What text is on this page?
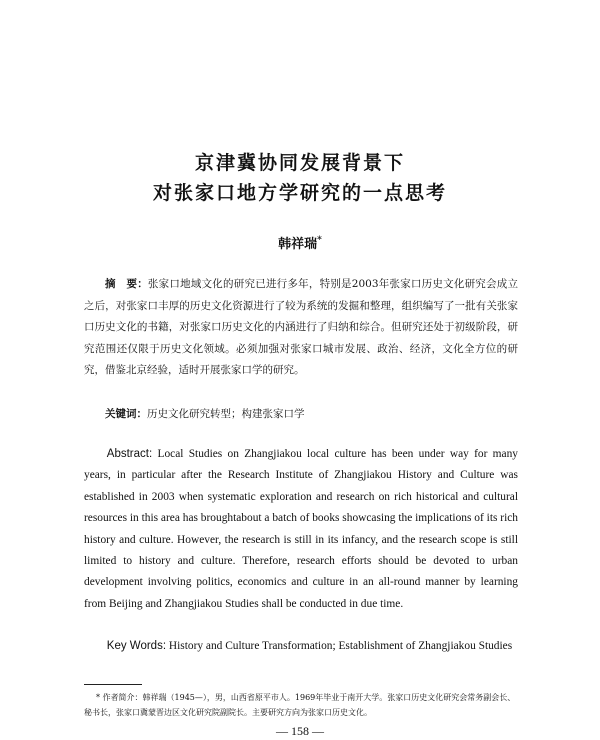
京津冀协同发展背景下
对张家口地方学研究的一点思考
韩祥瑞*
摘　要：张家口地域文化的研究已进行多年，特别是2003年张家口历史文化研究会成立之后，对张家口丰厚的历史文化资源进行了较为系统的发掘和整理，组织编写了一批有关张家口历史文化的书籍，对张家口历史文化的内涵进行了归纳和综合。但研究还处于初级阶段，研究范围还仅限于历史文化领域。必须加强对张家口城市发展、政治、经济，文化全方位的研究，借鉴北京经验，适时开展张家口学的研究。
关键词：历史文化研究转型；构建张家口学
Abstract: Local Studies on Zhangjiakou local culture has been under way for many years, in particular after the Research Institute of Zhangjiakou History and Culture was established in 2003 when systematic exploration and research on rich historical and cultural resources in this area has broughtabout a batch of books showcasing the implications of its rich history and culture. However, the research is still in its infancy, and the research scope is still limited to history and culture. Therefore, research efforts should be devoted to urban development involving politics, economics and culture in an all-round manner by learning from Beijing and Zhangjiakou Studies shall be conducted in due time.
Key Words: History and Culture Transformation; Establishment of Zhangjiakou Studies
* 作者简介：韩祥瑞（1945—），男，山西省原平市人。1969年毕业于南开大学。张家口历史文化研究会常务副会长、秘书长，张家口冀蒙晋边区文化研究院副院长。主要研究方向为张家口历史文化。
— 158 —
